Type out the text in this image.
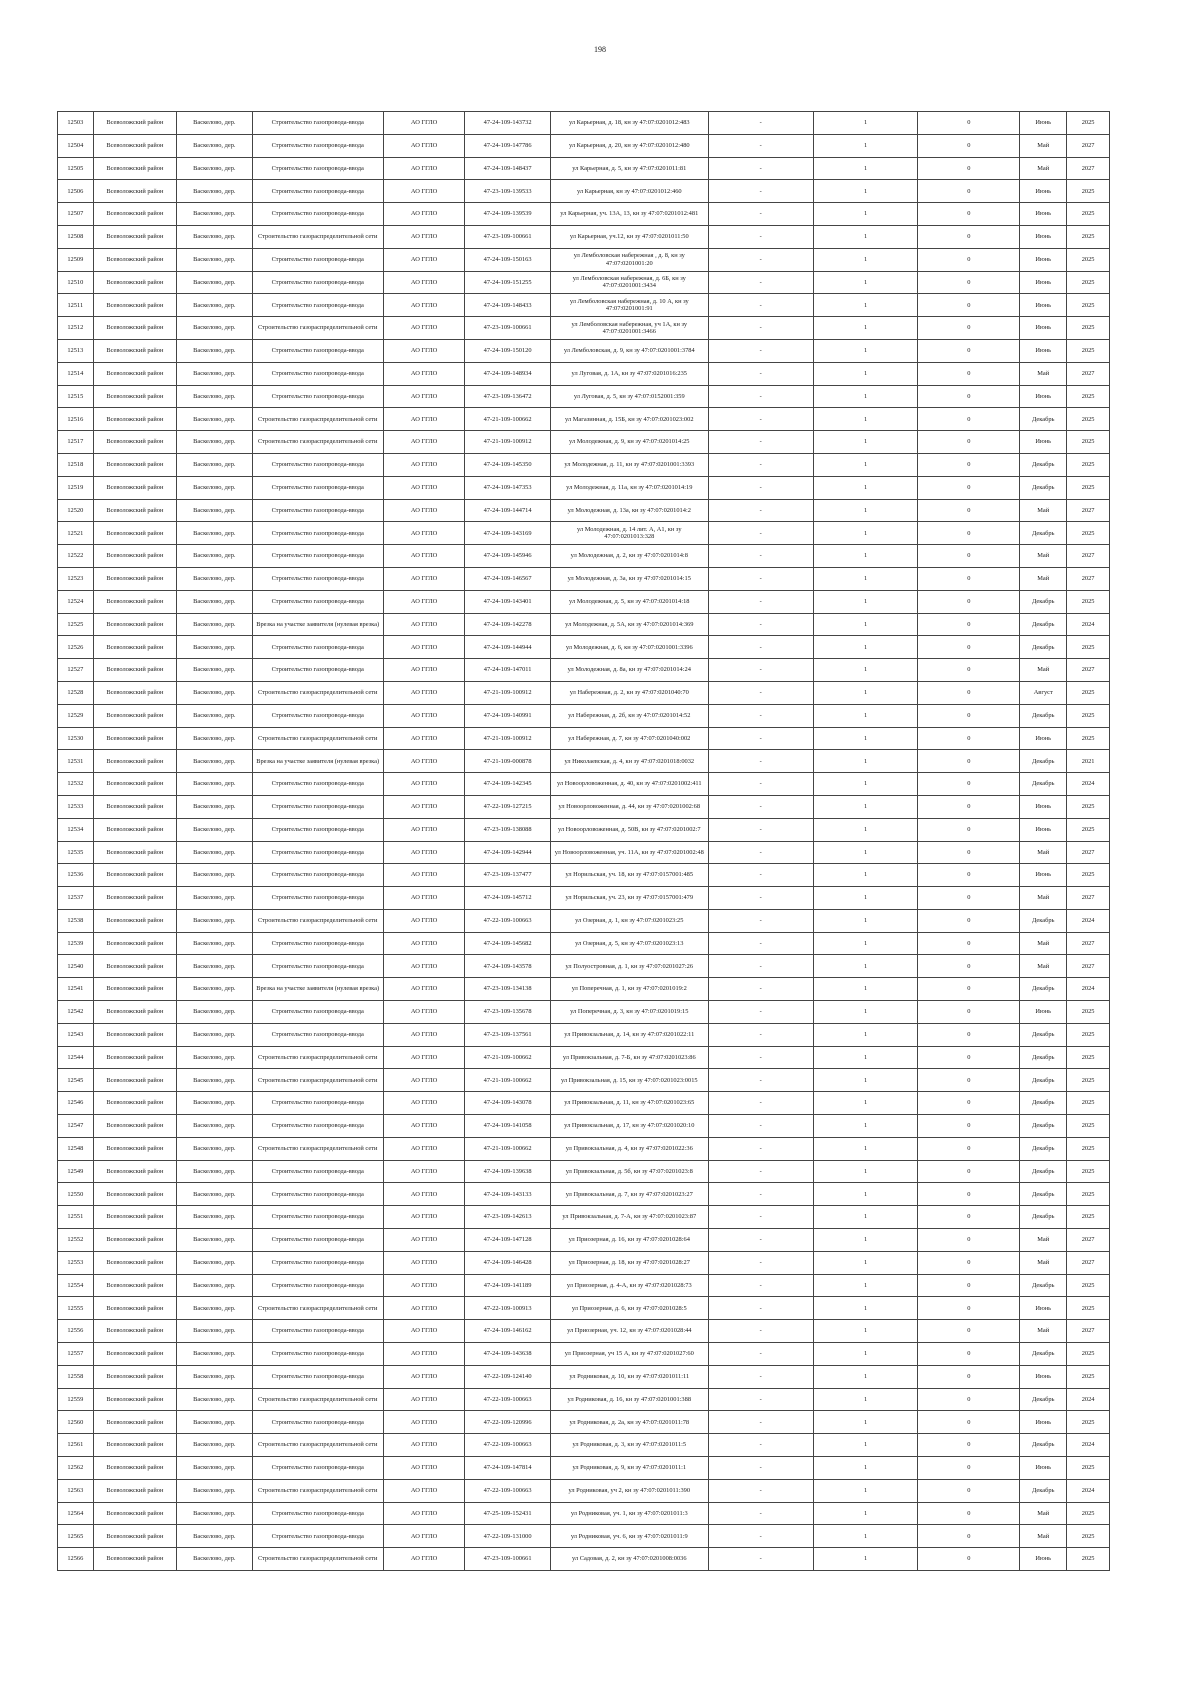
198
12503	Всеволожский район	Васкелово, дер.	Строительство газопровода-ввода	АО ГГЛО	47-24-109-143732	ул Карьерная, д. 18, кн зу 47:07:0201012:483	-	1	0	Июнь	2025
12504	Всеволожский район	Васкелово, дер.	Строительство газопровода-ввода	АО ГГЛО	47-24-109-147786	ул Карьерная, д. 20, кн зу 47:07:0201012:480	-	1	0	Май	2027
12505	Всеволожский район	Васкелово, дер.	Строительство газопровода-ввода	АО ГГЛО	47-24-109-148437	ул Карьерная, д. 5, кн зу 47:07:0201011:81	-	1	0	Май	2027
12506	Всеволожский район	Васкелово, дер.	Строительство газопровода-ввода	АО ГГЛО	47-23-109-139533	ул Карьерная, кн зу 47:07:0201012:460	-	1	0	Июнь	2025
12507	Всеволожский район	Васкелово, дер.	Строительство газопровода-ввода	АО ГГЛО	47-24-109-139539	ул Карьерная, уч. 13А, 13, кн зу 47:07:0201012:481	-	1	0	Июнь	2025
12508	Всеволожский район	Васкелово, дер.	Строительство газораспределительной сети	АО ГГЛО	47-23-109-100661	ул Карьерная, уч.12, кн зу 47:07:0201011:50	-	1	0	Июнь	2025
12509	Всеволожский район	Васкелово, дер.	Строительство газопровода-ввода	АО ГГЛО	47-24-109-150163	ул Лемболовская набережная , д. 8, кн зу 47:07:0201001:20	-	1	0	Июнь	2025
12510	Всеволожский район	Васкелово, дер.	Строительство газопровода-ввода	АО ГГЛО	47-24-109-151255	ул Лемболовская набережная, д. 6Б, кн зу 47:07:0201001:3434	-	1	0	Июнь	2025
12511	Всеволожский район	Васкелово, дер.	Строительство газопровода-ввода	АО ГГЛО	47-24-109-148433	ул Лемболовская набережная, д. 10 А, кн зу 47:07:0201001:91	-	1	0	Июнь	2025
12512	Всеволожский район	Васкелово, дер.	Строительство газораспределительной сети	АО ГГЛО	47-23-109-100661	ул Лемболовская набережная, уч 1А, кн зу 47:07:0201001:3466	-	1	0	Июнь	2025
12513	Всеволожский район	Васкелово, дер.	Строительство газопровода-ввода	АО ГГЛО	47-24-109-150120	ул Лемболовская, д. 9, кн зу 47:07:0201001:3784	-	1	0	Июнь	2025
12514	Всеволожский район	Васкелово, дер.	Строительство газопровода-ввода	АО ГГЛО	47-24-109-148934	ул Луговая, д. 1А, кн зу 47:07:0201016:235	-	1	0	Май	2027
12515	Всеволожский район	Васкелово, дер.	Строительство газопровода-ввода	АО ГГЛО	47-23-109-136472	ул Луговая, д. 5, кн зу 47:07:0152001:359	-	1	0	Июнь	2025
12516	Всеволожский район	Васкелово, дер.	Строительство газораспределительной сети	АО ГГЛО	47-21-109-100662	ул Магазинная, д. 15Б, кн зу 47:07:0201023:002	-	1	0	Декабрь	2025
12517	Всеволожский район	Васкелово, дер.	Строительство газораспределительной сети	АО ГГЛО	47-21-109-100912	ул Молодежная, д. 9, кн зу 47:07:0201014:25	-	1	0	Июнь	2025
12518	Всеволожский район	Васкелово, дер.	Строительство газопровода-ввода	АО ГГЛО	47-24-109-145350	ул Молодежная, д. 11, кн зу 47:07:0201001:3393	-	1	0	Декабрь	2025
12519	Всеволожский район	Васкелово, дер.	Строительство газопровода-ввода	АО ГГЛО	47-24-109-147353	ул Молодежная, д. 11а, кн зу 47:07:0201014:19	-	1	0	Декабрь	2025
12520	Всеволожский район	Васкелово, дер.	Строительство газопровода-ввода	АО ГГЛО	47-24-109-144714	ул Молодежная, д. 13а, кн зу 47:07:0201014:2	-	1	0	Май	2027
12521	Всеволожский район	Васкелово, дер.	Строительство газопровода-ввода	АО ГГЛО	47-24-109-143169	ул Молодежная, д. 14 лит. А, А1, кн зу 47:07:0201013:328	-	1	0	Декабрь	2025
12522	Всеволожский район	Васкелово, дер.	Строительство газопровода-ввода	АО ГГЛО	47-24-109-145946	ул Молодежная, д. 2, кн зу 47:07:0201014:8	-	1	0	Май	2027
12523	Всеволожский район	Васкелово, дер.	Строительство газопровода-ввода	АО ГГЛО	47-24-109-146567	ул Молодежная, д. 3а, кн зу 47:07:0201014:15	-	1	0	Май	2027
12524	Всеволожский район	Васкелово, дер.	Строительство газопровода-ввода	АО ГГЛО	47-24-109-143401	ул Молодежная, д. 5, кн зу 47:07:0201014:18	-	1	0	Декабрь	2025
12525	Всеволожский район	Васкелово, дер.	Врезка на участке заявителя (нулевая врезка)	АО ГГЛО	47-24-109-142278	ул Молодежная, д. 5А, кн зу 47:07:0201014:369	-	1	0	Декабрь	2024
12526	Всеволожский район	Васкелово, дер.	Строительство газопровода-ввода	АО ГГЛО	47-24-109-144944	ул Молодежная, д. 6, кн зу 47:07:0201001:3396	-	1	0	Декабрь	2025
12527	Всеволожский район	Васкелово, дер.	Строительство газопровода-ввода	АО ГГЛО	47-24-109-147011	ул Молодежная, д. 8а, кн зу 47:07:0201014:24	-	1	0	Май	2027
12528	Всеволожский район	Васкелово, дер.	Строительство газораспределительной сети	АО ГГЛО	47-21-109-100912	ул Набережная, д. 2, кн зу 47:07:0201040:70	-	1	0	Август	2025
12529	Всеволожский район	Васкелово, дер.	Строительство газопровода-ввода	АО ГГЛО	47-24-109-140991	ул Набережная, д. 2б, кн зу 47:07:0201014:52	-	1	0	Декабрь	2025
12530	Всеволожский район	Васкелово, дер.	Строительство газораспределительной сети	АО ГГЛО	47-21-109-100912	ул Набережная, д. 7, кн зу 47:07:0201040:002	-	1	0	Июнь	2025
12531	Всеволожский район	Васкелово, дер.	Врезка на участке заявителя (нулевая врезка)	АО ГГЛО	47-21-109-000878	ул Николаевская, д. 4, кн зу 47:07:0201018:0032	-	1	0	Декабрь	2021
12532	Всеволожский район	Васкелово, дер.	Строительство газопровода-ввода	АО ГГЛО	47-24-109-142345	ул Новоорловоженная, д. 40, кн зу 47:07:0201002:411	-	1	0	Декабрь	2024
12533	Всеволожский район	Васкелово, дер.	Строительство газопровода-ввода	АО ГГЛО	47-22-109-127215	ул Новоорловоженная, д. 44, кн зу 47:07:0201002:68	-	1	0	Июнь	2025
12534	Всеволожский район	Васкелово, дер.	Строительство газопровода-ввода	АО ГГЛО	47-23-109-138088	ул Новоорловоженная, д. 50В, кн зу 47:07:0201002:7	-	1	0	Июнь	2025
12535	Всеволожский район	Васкелово, дер.	Строительство газопровода-ввода	АО ГГЛО	47-24-109-142944	ул Новоорловоженная, уч. 11А, кн зу 47:07:0201002:48	-	1	0	Май	2027
12536	Всеволожский район	Васкелово, дер.	Строительство газопровода-ввода	АО ГГЛО	47-23-109-137477	ул Норильская, уч. 18, кн зу 47:07:0157001:485	-	1	0	Июнь	2025
12537	Всеволожский район	Васкелово, дер.	Строительство газопровода-ввода	АО ГГЛО	47-24-109-145712	ул Норильская, уч. 23, кн зу 47:07:0157001:479	-	1	0	Май	2027
12538	Всеволожский район	Васкелово, дер.	Строительство газораспределительной сети	АО ГГЛО	47-22-109-100663	ул Озерная, д. 1, кн зу 47:07:0201023:25	-	1	0	Декабрь	2024
12539	Всеволожский район	Васкелово, дер.	Строительство газопровода-ввода	АО ГГЛО	47-24-109-145682	ул Озерная, д. 5, кн зу 47:07:0201023:13	-	1	0	Май	2027
12540	Всеволожский район	Васкелово, дер.	Строительство газопровода-ввода	АО ГГЛО	47-24-109-143578	ул Полуостровная, д. 1, кн зу 47:07:0201027:26	-	1	0	Май	2027
12541	Всеволожский район	Васкелово, дер.	Врезка на участке заявителя (нулевая врезка)	АО ГГЛО	47-23-109-134138	ул Поперечная, д. 1, кн зу 47:07:0201019:2	-	1	0	Декабрь	2024
12542	Всеволожский район	Васкелово, дер.	Строительство газопровода-ввода	АО ГГЛО	47-23-109-135678	ул Поперечная, д. 3, кн зу 47:07:0201019:15	-	1	0	Июнь	2025
12543	Всеволожский район	Васкелово, дер.	Строительство газопровода-ввода	АО ГГЛО	47-23-109-137561	ул Привокзальная, д. 14, кн зу 47:07:0201022:11	-	1	0	Декабрь	2025
12544	Всеволожский район	Васкелово, дер.	Строительство газораспределительной сети	АО ГГЛО	47-21-109-100662	ул Привокзальная, д. 7-Б, кн зу 47:07:0201023:86	-	1	0	Декабрь	2025
12545	Всеволожский район	Васкелово, дер.	Строительство газораспределительной сети	АО ГГЛО	47-21-109-100662	ул Привокзальная, д. 15, кн зу 47:07:0201023:0015	-	1	0	Декабрь	2025
12546	Всеволожский район	Васкелово, дер.	Строительство газопровода-ввода	АО ГГЛО	47-24-109-143078	ул Привокзальная, д. 11, кн зу 47:07:0201023:65	-	1	0	Декабрь	2025
12547	Всеволожский район	Васкелово, дер.	Строительство газопровода-ввода	АО ГГЛО	47-24-109-141058	ул Привокзальная, д. 17, кн зу 47:07:0201020:10	-	1	0	Декабрь	2025
12548	Всеволожский район	Васкелово, дер.	Строительство газораспределительной сети	АО ГГЛО	47-21-109-100662	ул Привокзальная, д. 4, кн зу 47:07:0201022:36	-	1	0	Декабрь	2025
12549	Всеволожский район	Васкелово, дер.	Строительство газопровода-ввода	АО ГГЛО	47-24-109-139638	ул Привокзальная, д. 5б, кн зу 47:07:0201023:8	-	1	0	Декабрь	2025
12550	Всеволожский район	Васкелово, дер.	Строительство газопровода-ввода	АО ГГЛО	47-24-109-143133	ул Привокзальная, д. 7, кн зу 47:07:0201023:27	-	1	0	Декабрь	2025
12551	Всеволожский район	Васкелово, дер.	Строительство газопровода-ввода	АО ГГЛО	47-23-109-142613	ул Привокзальная, д. 7-А, кн зу 47:07:0201023:87	-	1	0	Декабрь	2025
12552	Всеволожский район	Васкелово, дер.	Строительство газопровода-ввода	АО ГГЛО	47-24-109-147128	ул Приозерная, д. 16, кн зу 47:07:0201028:64	-	1	0	Май	2027
12553	Всеволожский район	Васкелово, дер.	Строительство газопровода-ввода	АО ГГЛО	47-24-109-146428	ул Приозерная, д. 18, кн зу 47:07:0201028:27	-	1	0	Май	2027
12554	Всеволожский район	Васкелово, дер.	Строительство газопровода-ввода	АО ГГЛО	47-24-109-141189	ул Приозерная, д. 4-А, кн зу 47:07:0201028:73	-	1	0	Декабрь	2025
12555	Всеволожский район	Васкелово, дер.	Строительство газораспределительной сети	АО ГГЛО	47-22-109-100913	ул Приозерная, д. 6, кн зу 47:07:0201028:5	-	1	0	Июнь	2025
12556	Всеволожский район	Васкелово, дер.	Строительство газопровода-ввода	АО ГГЛО	47-24-109-146162	ул Приозерная, уч. 12, кн зу 47:07:0201028:44	-	1	0	Май	2027
12557	Всеволожский район	Васкелово, дер.	Строительство газопровода-ввода	АО ГГЛО	47-24-109-143638	ул Приозерная, уч 15 А, кн зу 47:07:0201027:60	-	1	0	Декабрь	2025
12558	Всеволожский район	Васкелово, дер.	Строительство газопровода-ввода	АО ГГЛО	47-22-109-124140	ул Родниковая, д. 10, кн зу 47:07:0201011:11	-	1	0	Июнь	2025
12559	Всеволожский район	Васкелово, дер.	Строительство газораспределительной сети	АО ГГЛО	47-22-109-100663	ул Родниковая, д. 16, кн зу 47:07:0201001:388	-	1	0	Декабрь	2024
12560	Всеволожский район	Васкелово, дер.	Строительство газопровода-ввода	АО ГГЛО	47-22-109-120996	ул Родниковая, д. 2а, кн зу 47:07:0201011:78	-	1	0	Июнь	2025
12561	Всеволожский район	Васкелово, дер.	Строительство газораспределительной сети	АО ГГЛО	47-22-109-100663	ул Родниковая, д. 3, кн зу 47:07:0201011:5	-	1	0	Декабрь	2024
12562	Всеволожский район	Васкелово, дер.	Строительство газопровода-ввода	АО ГГЛО	47-24-109-147814	ул Родниковая, д. 9, кн зу 47:07:0201011:1	-	1	0	Июнь	2025
12563	Всеволожский район	Васкелово, дер.	Строительство газораспределительной сети	АО ГГЛО	47-22-109-100663	ул Родниковая, уч 2, кн зу 47:07:0201011:390	-	1	0	Декабрь	2024
12564	Всеволожский район	Васкелово, дер.	Строительство газопровода-ввода	АО ГГЛО	47-25-109-152431	ул Родниковая, уч. 1, кн зу 47:07:0201011:3	-	1	0	Май	2025
12565	Всеволожский район	Васкелово, дер.	Строительство газопровода-ввода	АО ГГЛО	47-22-109-131000	ул Родниковая, уч. 6, кн зу 47:07:0201011:9	-	1	0	Май	2025
12566	Всеволожский район	Васкелово, дер.	Строительство газораспределительной сети	АО ГГЛО	47-23-109-100661	ул Садовая, д. 2, кн зу 47:07:0201008:0036	-	1	0	Июнь	2025
